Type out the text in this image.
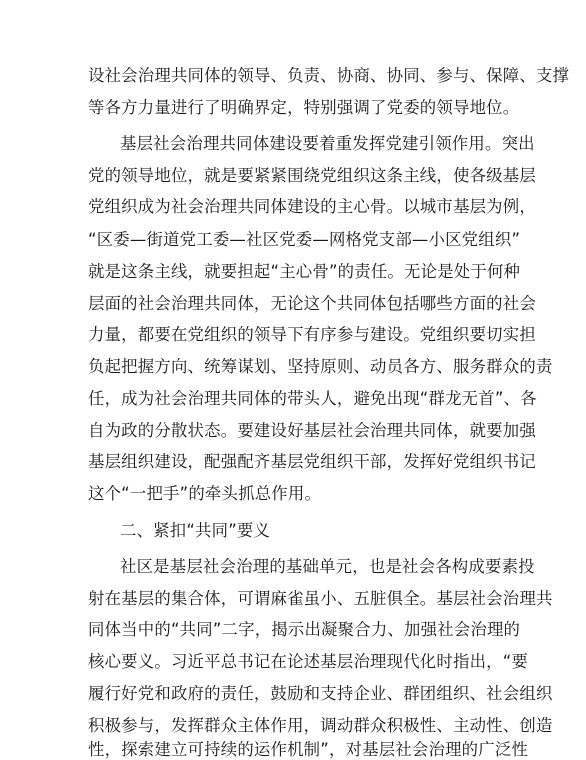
设社会治理共同体的领导、负责、协商、协同、参与、保障、支撑
等各方力量进行了明确界定，特别强调了党委的领导地位。
基层社会治理共同体建设要着重发挥党建引领作用。突出
党的领导地位，就是要紧紧围绕党组织这条主线，使各级基层
党组织成为社会治理共同体建设的主心骨。以城市基层为例，
“区委—街道党工委—社区党委—网格党支部—小区党组织”
就是这条主线，就要担起“主心骨”的责任。无论是处于何种
层面的社会治理共同体，无论这个共同体包括哪些方面的社会
力量，都要在党组织的领导下有序参与建设。党组织要切实担
负起把握方向、统筹谋划、坚持原则、动员各方、服务群众的责
任，成为社会治理共同体的带头人，避免出现“群龙无首”、各
自为政的分散状态。要建设好基层社会治理共同体，就要加强
基层组织建设，配强配齐基层党组织干部，发挥好党组织书记
这个“一把手”的牵头抓总作用。
二、紧扣“共同”要义
社区是基层社会治理的基础单元，也是社会各构成要素投
射在基层的集合体，可谓麻雀虽小、五脏俱全。基层社会治理共
同体当中的“共同”二字，揭示出凝聚合力、加强社会治理的
核心要义。习近平总书记在论述基层治理现代化时指出，“要
履行好党和政府的责任，鼓励和支持企业、群团组织、社会组织
积极参与，发挥群众主体作用，调动群众积极性、主动性、创造
性，探索建立可持续的运作机制”，对基层社会治理的广泛性
